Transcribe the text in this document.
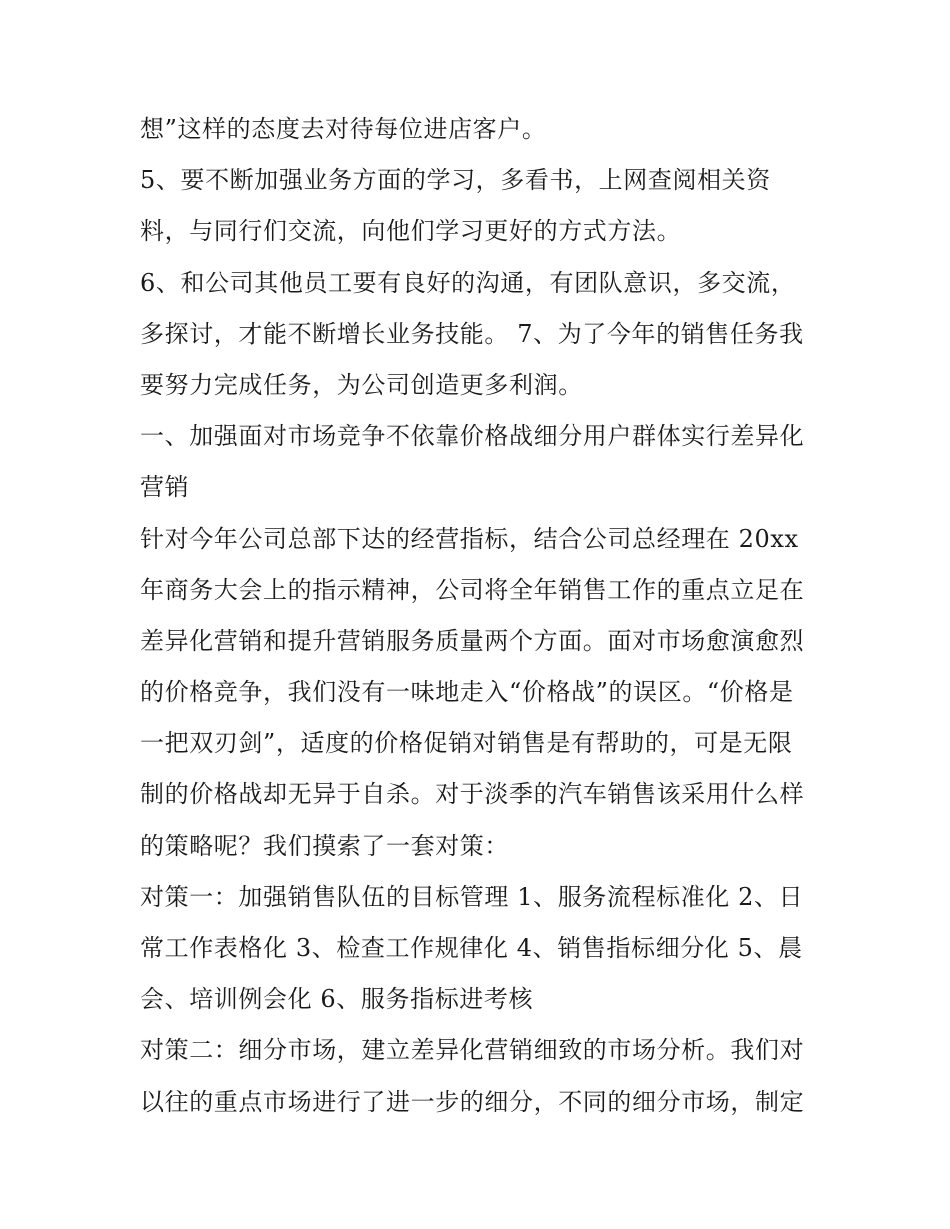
想”这样的态度去对待每位进店客户。
5、要不断加强业务方面的学习，多看书，上网查阅相关资
料，与同行们交流，向他们学习更好的方式方法。
6、和公司其他员工要有良好的沟通，有团队意识，多交流，
多探讨，才能不断增长业务技能。 7、为了今年的销售任务我
要努力完成任务，为公司创造更多利润。
一、加强面对市场竞争不依靠价格战细分用户群体实行差异化
营销
针对今年公司总部下达的经营指标，结合公司总经理在 20xx
年商务大会上的指示精神，公司将全年销售工作的重点立足在
差异化营销和提升营销服务质量两个方面。面对市场愈演愈烈
的价格竞争，我们没有一味地走入“价格战”的误区。“价格是
一把双刃剑”，适度的价格促销对销售是有帮助的，可是无限
制的价格战却无异于自杀。对于淡季的汽车销售该采用什么样
的策略呢？我们摸索了一套对策：
对策一：加强销售队伍的目标管理 1、服务流程标准化 2、日
常工作表格化 3、检查工作规律化 4、销售指标细分化 5、晨
会、培训例会化 6、服务指标进考核
对策二：细分市场，建立差异化营销细致的市场分析。我们对
以往的重点市场进行了进一步的细分，不同的细分市场，制定
